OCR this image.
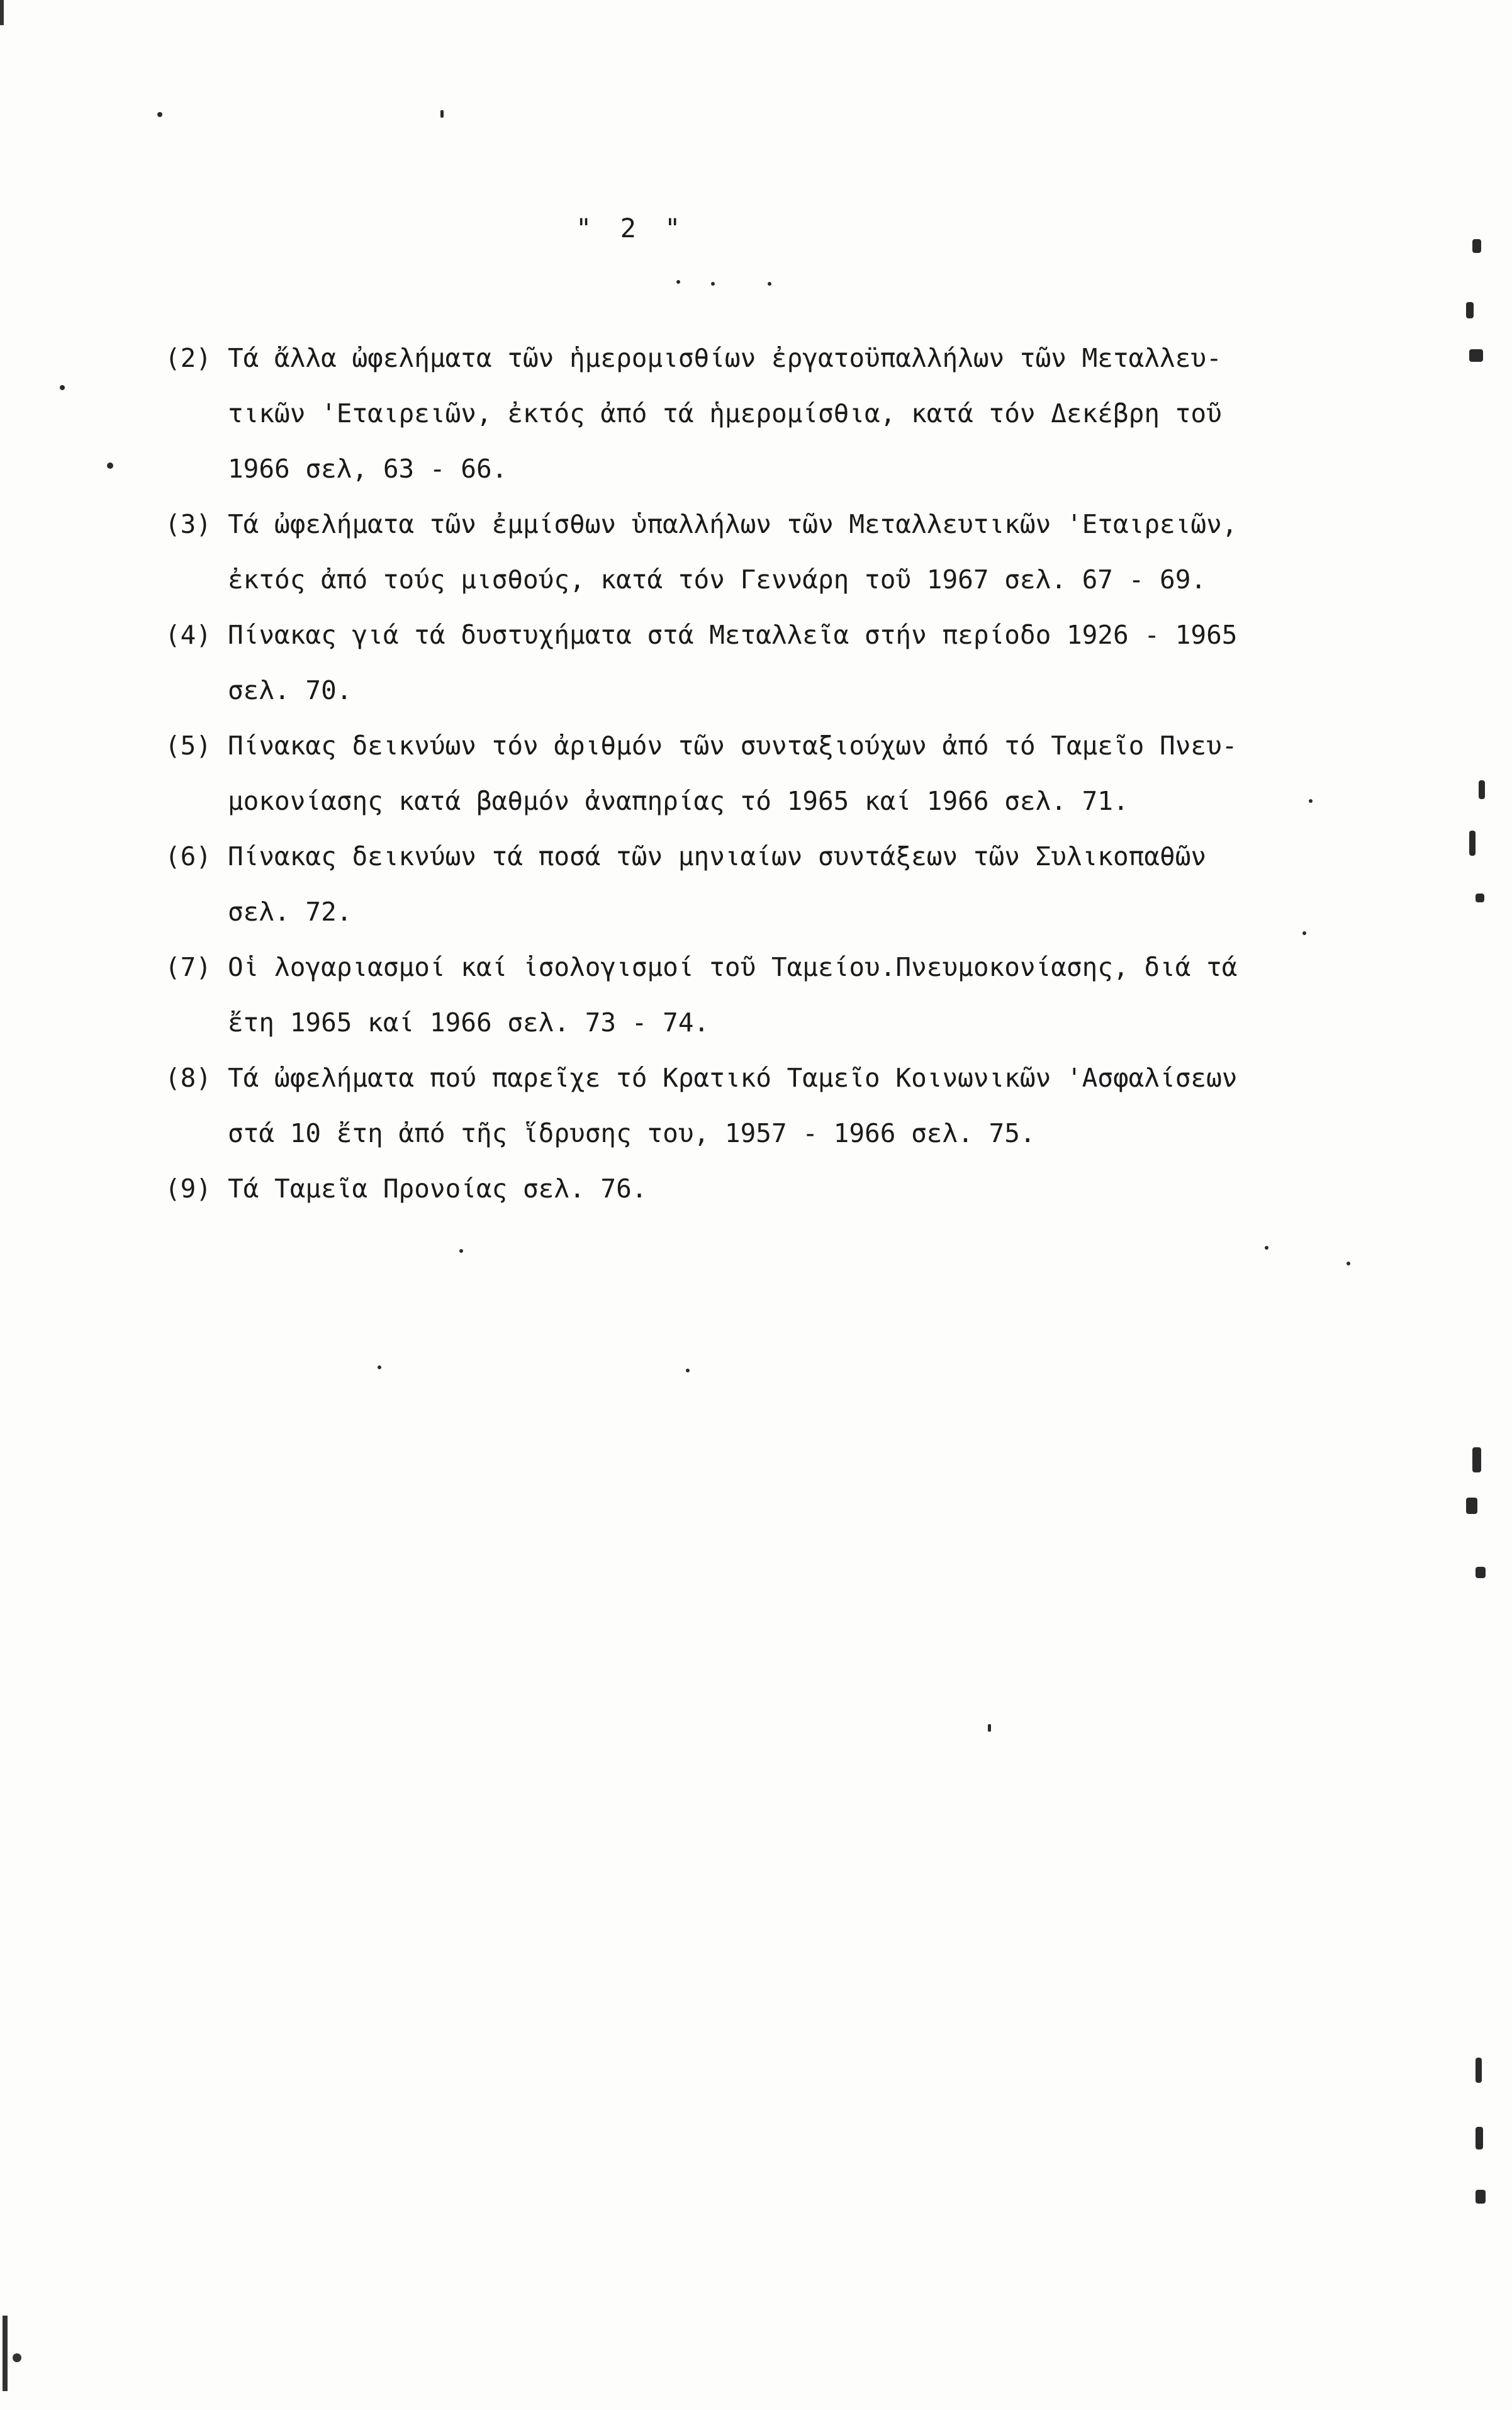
" 2 "
(2) Τά ἄλλα ὠφελήματα τῶν ἡμερομισθίων ἐργατοϋπαλλήλων τῶν Μεταλλευ-
τικῶν 'Εταιρειῶν, ἐκτός ἀπό τά ἡμερομίσθια, κατά τόν Δεκέβρη τοῦ
1966 σελ, 63 - 66.
(3) Τά ὠφελήματα τῶν ἐμμίσθων ὑπαλλήλων τῶν Μεταλλευτικῶν 'Εταιρειῶν,
ἐκτός ἀπό τούς μισθούς, κατά τόν Γεννάρη τοῦ 1967 σελ. 67 - 69.
(4) Πίνακας γιά τά δυστυχήματα στά Μεταλλεῖα στήν περίοδο 1926 - 1965
σελ. 70.
(5) Πίνακας δεικνύων τόν ἀριθμόν τῶν συνταξιούχων ἀπό τό Ταμεῖο Πνευ-
μοκονίασης κατά βαθμόν ἀναπηρίας τό 1965 καί 1966 σελ. 71.
(6) Πίνακας δεικνύων τά ποσά τῶν μηνιαίων συντάξεων τῶν Συλικοπαθῶν
σελ. 72.
(7) Οἱ λογαριασμοί καί ἰσολογισμοί τοῦ Ταμείου.Πνευμοκονίασης, διά τά
ἔτη 1965 καί 1966 σελ. 73 - 74.
(8) Τά ὠφελήματα πού παρεῖχε τό Κρατικό Ταμεῖο Κοινωνικῶν 'Ασφαλίσεων
στά 10 ἔτη ἀπό τῆς ἵδρυσης του, 1957 - 1966 σελ. 75.
(9) Τά Ταμεῖα Προνοίας σελ. 76.
